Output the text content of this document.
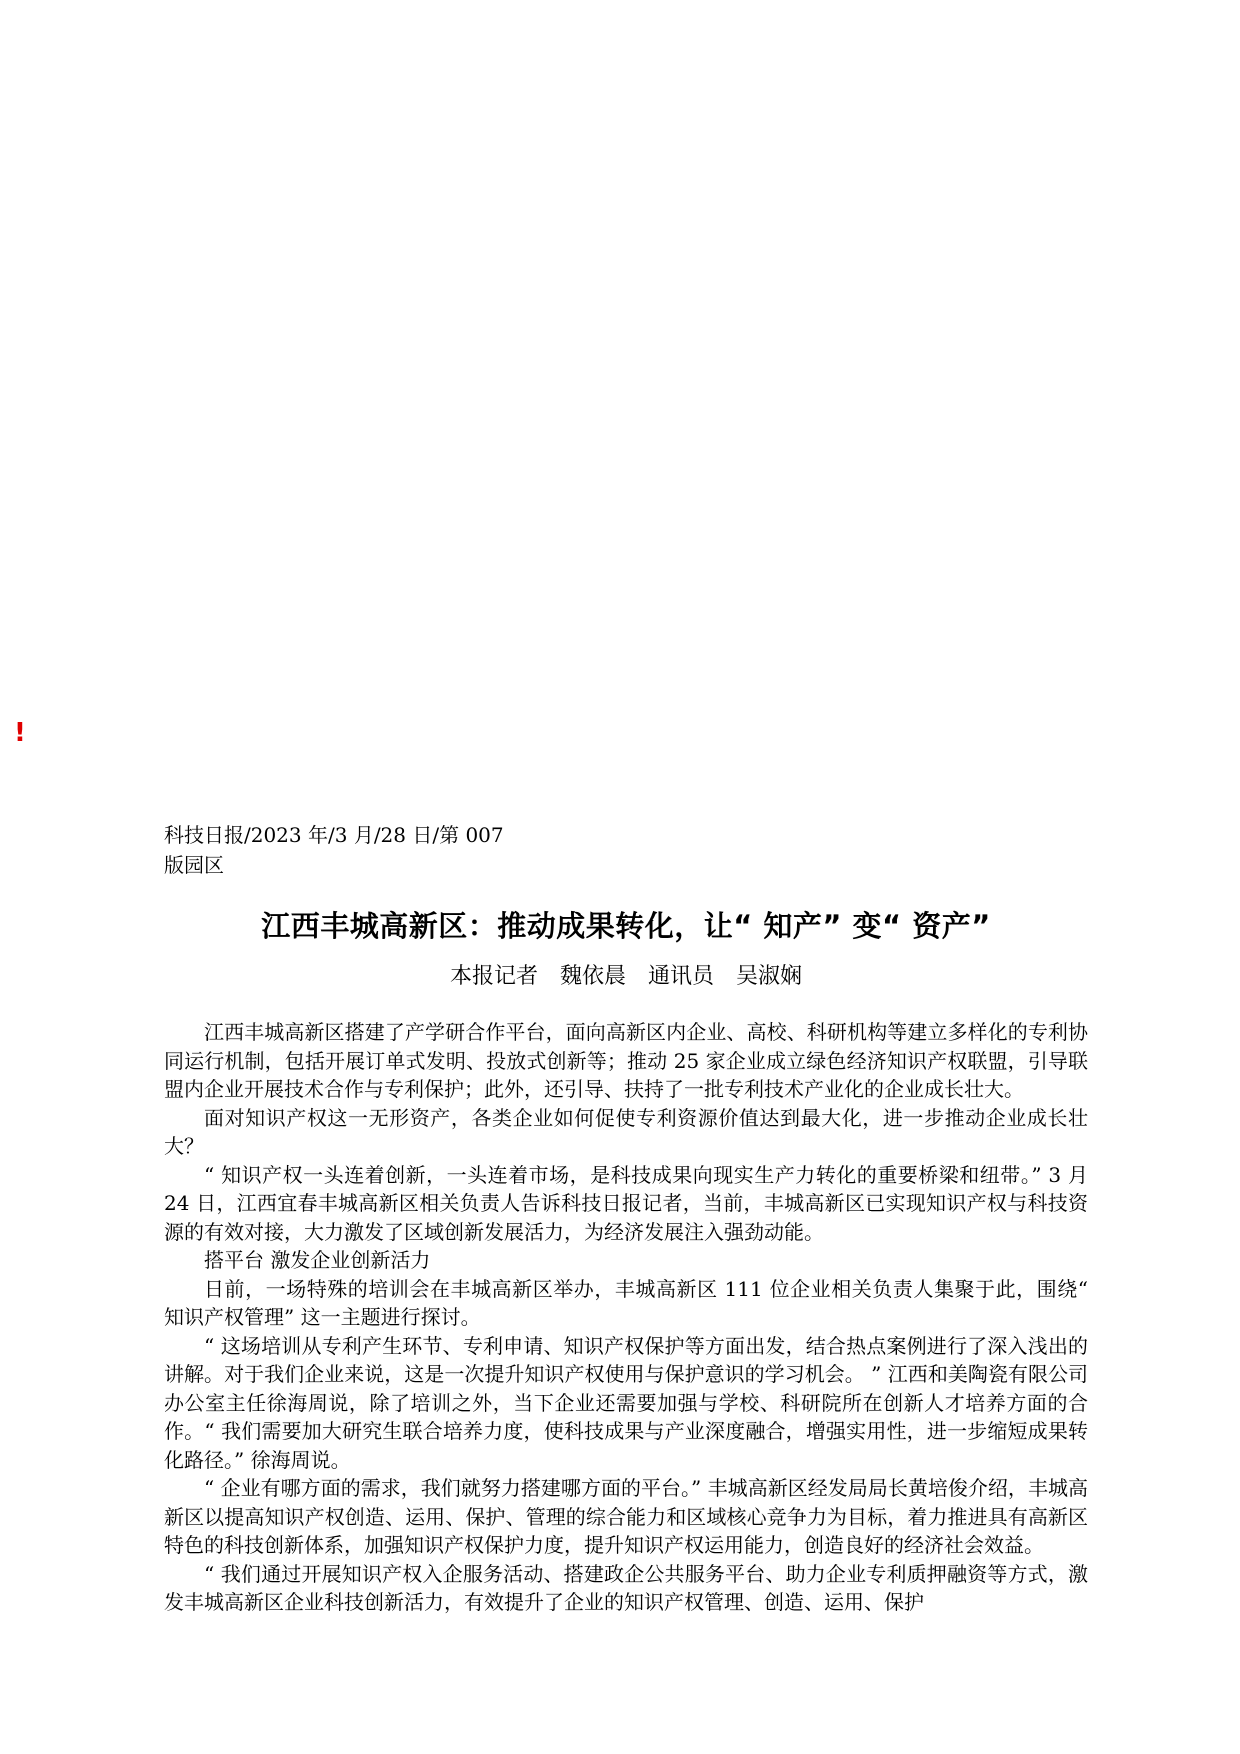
!
科技日报/2023 年/3 月/28 日/第 007 版园区
江西丰城高新区：推动成果转化，让“ 知产” 变“ 资产”
本报记者　魏依晨　通讯员　吴淑娴

江西丰城高新区搭建了产学研合作平台，面向高新区内企业、高校、科研机构等建立多样化的专利协同运行机制，包括开展订单式发明、投放式创新等；推动 25 家企业成立绿色经济知识产权联盟，引导联盟内企业开展技术合作与专利保护；此外，还引导、扶持了一批专利技术产业化的企业成长壮大。

面对知识产权这一无形资产，各类企业如何促使专利资源价值达到最大化，进一步推动企业成长壮大？

“ 知识产权一头连着创新，一头连着市场，是科技成果向现实生产力转化的重要桥梁和纽带。” 3 月 24 日，江西宜春丰城高新区相关负责人告诉科技日报记者，当前，丰城高新区已实现知识产权与科技资源的有效对接，大力激发了区域创新发展活力，为经济发展注入强劲动能。

搭平台 激发企业创新活力

日前，一场特殊的培训会在丰城高新区举办，丰城高新区 111 位企业相关负责人集聚于此，围绕“ 知识产权管理” 这一主题进行探讨。

“ 这场培训从专利产生环节、专利申请、知识产权保护等方面出发，结合热点案例进行了深入浅出的讲解。对于我们企业来说，这是一次提升知识产权使用与保护意识的学习机会。 ” 江西和美陶瓷有限公司办公室主任徐海周说，除了培训之外，当下企业还需要加强与学校、科研院所在创新人才培养方面的合作。“ 我们需要加大研究生联合培养力度，使科技成果与产业深度融合，增强实用性，进一步缩短成果转化路径。” 徐海周说。

“ 企业有哪方面的需求，我们就努力搭建哪方面的平台。” 丰城高新区经发局局长黄培俊介绍，丰城高新区以提高知识产权创造、运用、保护、管理的综合能力和区域核心竞争力为目标，着力推进具有高新区特色的科技创新体系，加强知识产权保护力度，提升知识产权运用能力，创造良好的经济社会效益。

“ 我们通过开展知识产权入企服务活动、搭建政企公共服务平台、助力企业专利质押融资等方式，激发丰城高新区企业科技创新活力，有效提升了企业的知识产权管理、创造、运用、保护
